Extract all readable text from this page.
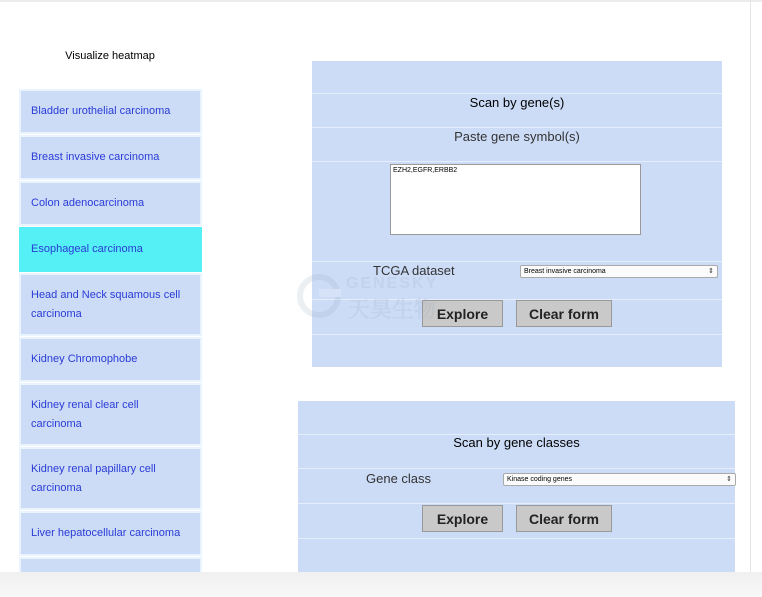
Visualize heatmap
Bladder urothelial carcinoma
Breast invasive carcinoma
Colon adenocarcinoma
Esophageal carcinoma
Head and Neck squamous cell carcinoma
Kidney Chromophobe
Kidney renal clear cell carcinoma
Kidney renal papillary cell carcinoma
Liver hepatocellular carcinoma
Scan by gene(s)
Paste gene symbol(s)
EZH2,EGFR,ERBB2
TCGA dataset	Breast invasive carcinoma	⇕
Explore	Clear form
Scan by gene classes
Gene class	Kinase coding genes	⇕
Explore	Clear form
